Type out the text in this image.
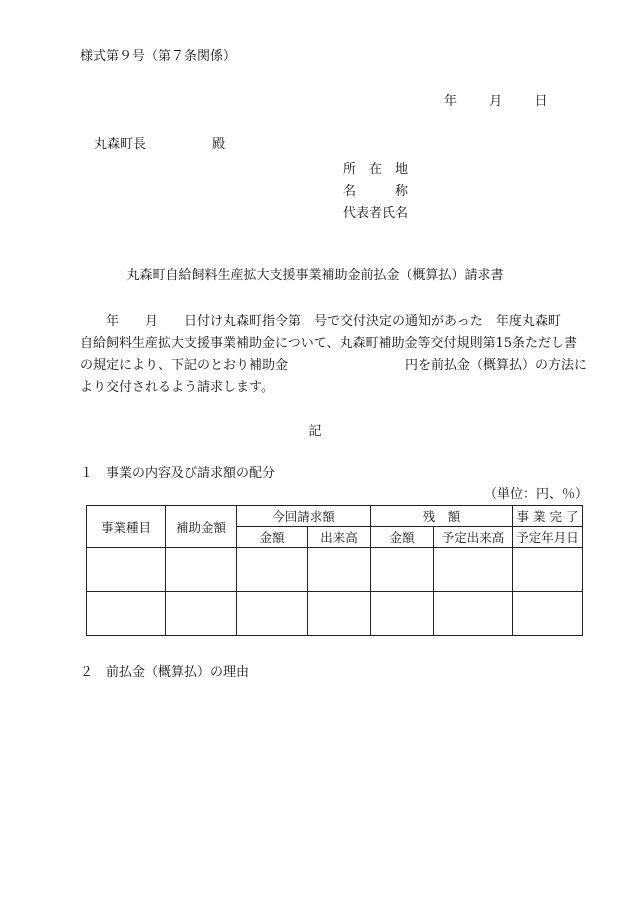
様式第９号（第７条関係）
年 月 日
丸森町長	殿
所　在　地
名　　　称
代表者氏名
丸森町自給飼料生産拡大支援事業補助金前払金（概算払）請求書
　　年　　月　　日付け丸森町指令第　号で交付決定の通知があった　年度丸森町
自給飼料生産拡大支援事業補助金について、丸森町補助金等交付規則第15条ただし書
の規定により、下記のとおり補助金　　　　　　　　　円を前払金（概算払）の方法に
より交付されるよう請求します。
記
１　事業の内容及び請求額の配分
（単位：円、％）
事業種目	補助金額	今回請求額		残　額		事 業 完 了
		金額	出来高	金額	予定出来高	予定年月日

２　前払金（概算払）の理由
